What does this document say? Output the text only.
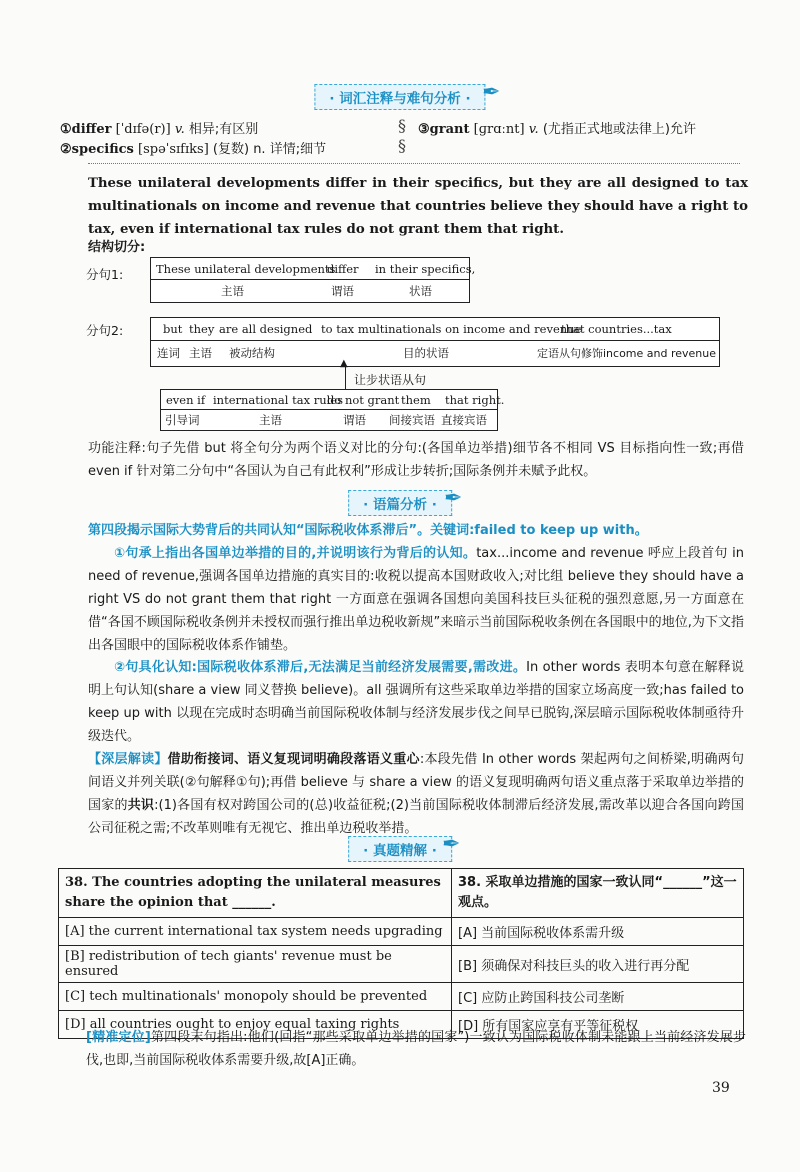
· 词汇注释与难句分析 · ✒
①differ [ˈdɪfə(r)] v. 相异;有区别
②specifics [spəˈsɪfɪks] (复数) n. 详情;细节
§
§
③grant [ɡrɑːnt] v. (尤指正式地或法律上)允许
These unilateral developments differ in their specifics, but they are all designed to tax multinationals on income and revenue that countries believe they should have a right to tax, even if international tax rules do not grant them that right.
结构切分:
分句1:	These unilateral developments
differ in their specifics,
主语	谓语	状语
分句2:	but they are all designed to tax multinationals on income and revenue
that countries...tax
连词 主语 被动结构	目的状语	定语从句修饰income and revenue
▲
让步状语从句
even if international tax rules
do not grant them that right.
引导词	主语	谓语 间接宾语 直接宾语
功能注释:句子先借 but 将全句分为两个语义对比的分句:(各国单边举措)细节各不相同 VS 目标指向性一致;再借 even if 针对第二分句中“各国认为自己有此权利”形成让步转折;国际条例并未赋予此权。
· 语篇分析 · ✒
第四段揭示国际大势背后的共同认知“国际税收体系滞后”。关键词:failed to keep up with。
①句承上指出各国单边举措的目的,并说明该行为背后的认知。tax...income and revenue 呼应上段首句 in need of revenue,强调各国单边措施的真实目的:收税以提高本国财政收入;对比组 believe they should have a right VS do not grant them that right 一方面意在强调各国想向美国科技巨头征税的强烈意愿,另一方面意在借“各国不顾国际税收条例并未授权而强行推出单边税收新规”来暗示当前国际税收条例在各国眼中的地位,为下文指出各国眼中的国际税收体系作铺垫。
②句具化认知:国际税收体系滞后,无法满足当前经济发展需要,需改进。In other words 表明本句意在解释说明上句认知(share a view 同义替换 believe)。all 强调所有这些采取单边举措的国家立场高度一致;has failed to keep up with 以现在完成时态明确当前国际税收体制与经济发展步伐之间早已脱钩,深层暗示国际税收体制亟待升级迭代。
【深层解读】借助衔接词、语义复现词明确段落语义重心:本段先借 In other words 架起两句之间桥梁,明确两句间语义并列关联(②句解释①句);再借 believe 与 share a view 的语义复现明确两句语义重点落于采取单边举措的国家的共识:(1)各国有权对跨国公司的(总)收益征税;(2)当前国际税收体制滞后经济发展,需改革以迎合各国向跨国公司征税之需;不改革则唯有无视它、推出单边税收举措。
· 真题精解 · ✒
38. The countries adopting the unilateral measures share the opinion that ______.	38. 采取单边措施的国家一致认同“______”这一观点。
[A] the current international tax system needs upgrading	[A] 当前国际税收体系需升级
[B] redistribution of tech giants' revenue must be ensured	[B] 须确保对科技巨头的收入进行再分配
[C] tech multinationals' monopoly should be prevented	[C] 应防止跨国科技公司垄断
[D] all countries ought to enjoy equal taxing rights	[D] 所有国家应享有平等征税权
[精准定位]第四段末句指出:他们(回指“那些采取单边举措的国家”)一致认为国际税收体制未能跟上当前经济发展步伐,也即,当前国际税收体系需要升级,故[A]正确。
39
